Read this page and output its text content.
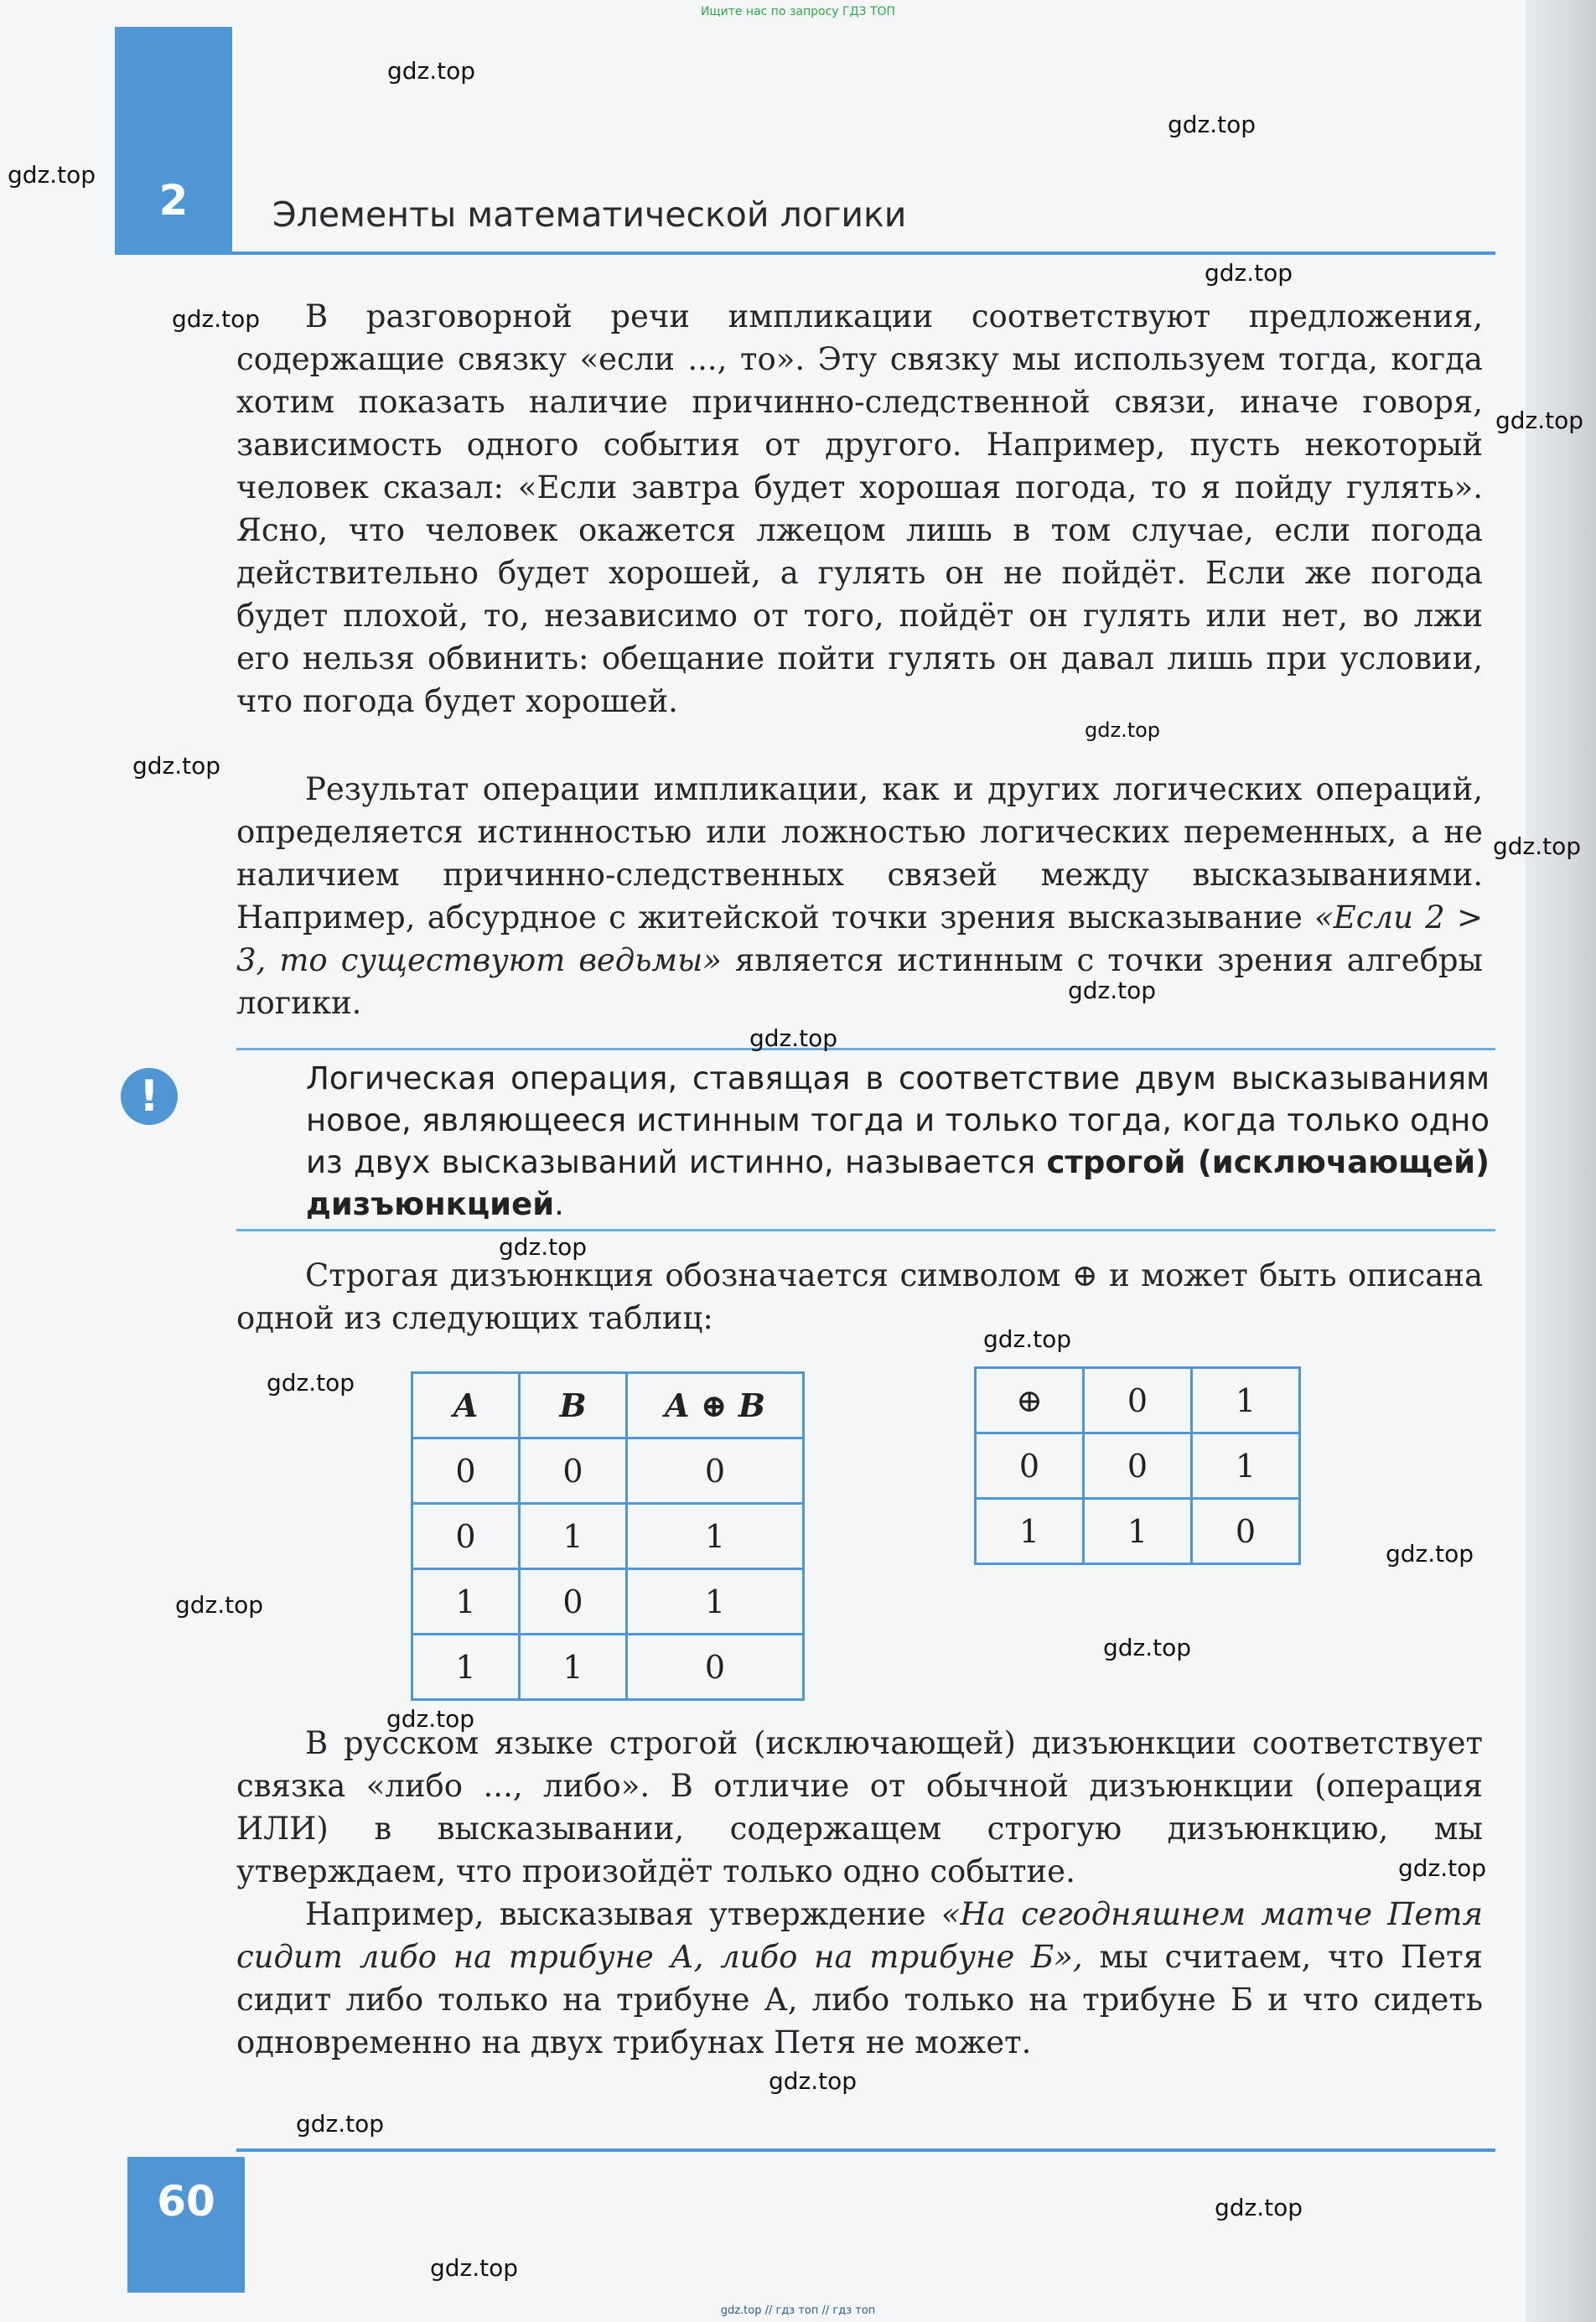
Ищите нас по запросу ГДЗ ТОП
2	Элементы математической логики

В разговорной речи импликации соответствуют предложения, содержащие связку «если ..., то». Эту связку мы используем тогда, когда хотим показать наличие причинно-следственной связи, иначе говоря, зависимость одного события от другого. Например, пусть некоторый человек сказал: «Если завтра будет хорошая погода, то я пойду гулять». Ясно, что человек окажется лжецом лишь в том случае, если погода действительно будет хорошей, а гулять он не пойдёт. Если же погода будет плохой, то, независимо от того, пойдёт он гулять или нет, во лжи его нельзя обвинить: обещание пойти гулять он давал лишь при условии, что погода будет хорошей.

Результат операции импликации, как и других логических операций, определяется истинностью или ложностью логических переменных, а не наличием причинно-следственных связей между высказываниями. Например, абсурдное с житейской точки зрения высказывание «Если 2 > 3, то существуют ведьмы» является истинным с точки зрения алгебры логики.

!	Логическая операция, ставящая в соответствие двум высказываниям новое, являющееся истинным тогда и только тогда, когда только одно из двух высказываний истинно, называется строгой (исключающей) дизъюнкцией.

Строгая дизъюнкция обозначается символом ⊕ и может быть описана одной из следующих таблиц:

A	B	A ⊕ B
0	0	0
0	1	1
1	0	1
1	1	0
⊕	0	1
0	0	1
1	1	0

В русском языке строгой (исключающей) дизъюнкции соответствует связка «либо ..., либо». В отличие от обычной дизъюнкции (операция ИЛИ) в высказывании, содержащем строгую дизъюнкцию, мы утверждаем, что произойдёт только одно событие.

Например, высказывая утверждение «На сегодняшнем матче Петя сидит либо на трибуне А, либо на трибуне Б», мы считаем, что Петя сидит либо только на трибуне А, либо только на трибуне Б и что сидеть одновременно на двух трибунах Петя не может.

60
gdz.top // гдз топ // гдз топ
gdz.top
gdz.top
gdz.top
gdz.top
gdz.top
gdz.top
gdz.top
gdz.top
gdz.top
gdz.top
gdz.top
gdz.top
gdz.top
gdz.top
gdz.top
gdz.top
gdz.top
gdz.top
gdz.top
gdz.top
gdz.top
gdz.top
gdz.top
